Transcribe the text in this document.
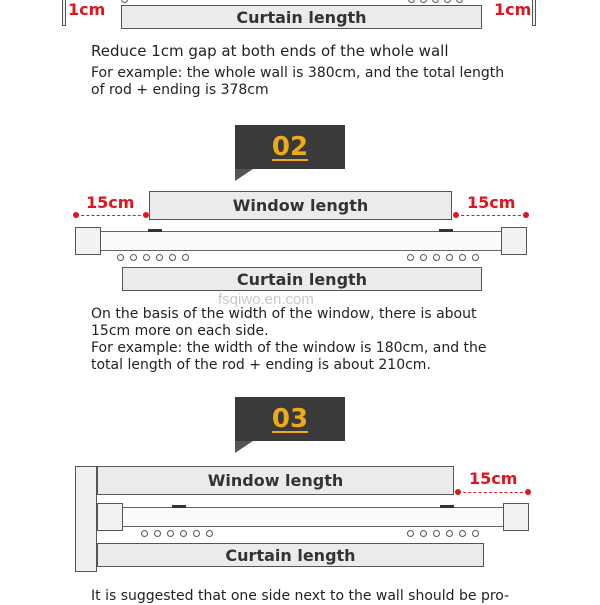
1cm	1cm
Curtain length
Reduce 1cm gap at both ends of the whole wall
For example: the whole wall is 380cm, and the total length
of rod + ending is 378cm
02
15cm	15cm
Window length
Curtain length
fsqiwo.en.com
On the basis of the width of the window, there is about
15cm more on each side.
For example: the width of the window is 180cm, and the
total length of the rod + ending is about 210cm.
03
Window length	15cm
Curtain length
It is suggested that one side next to the wall should be pro-
